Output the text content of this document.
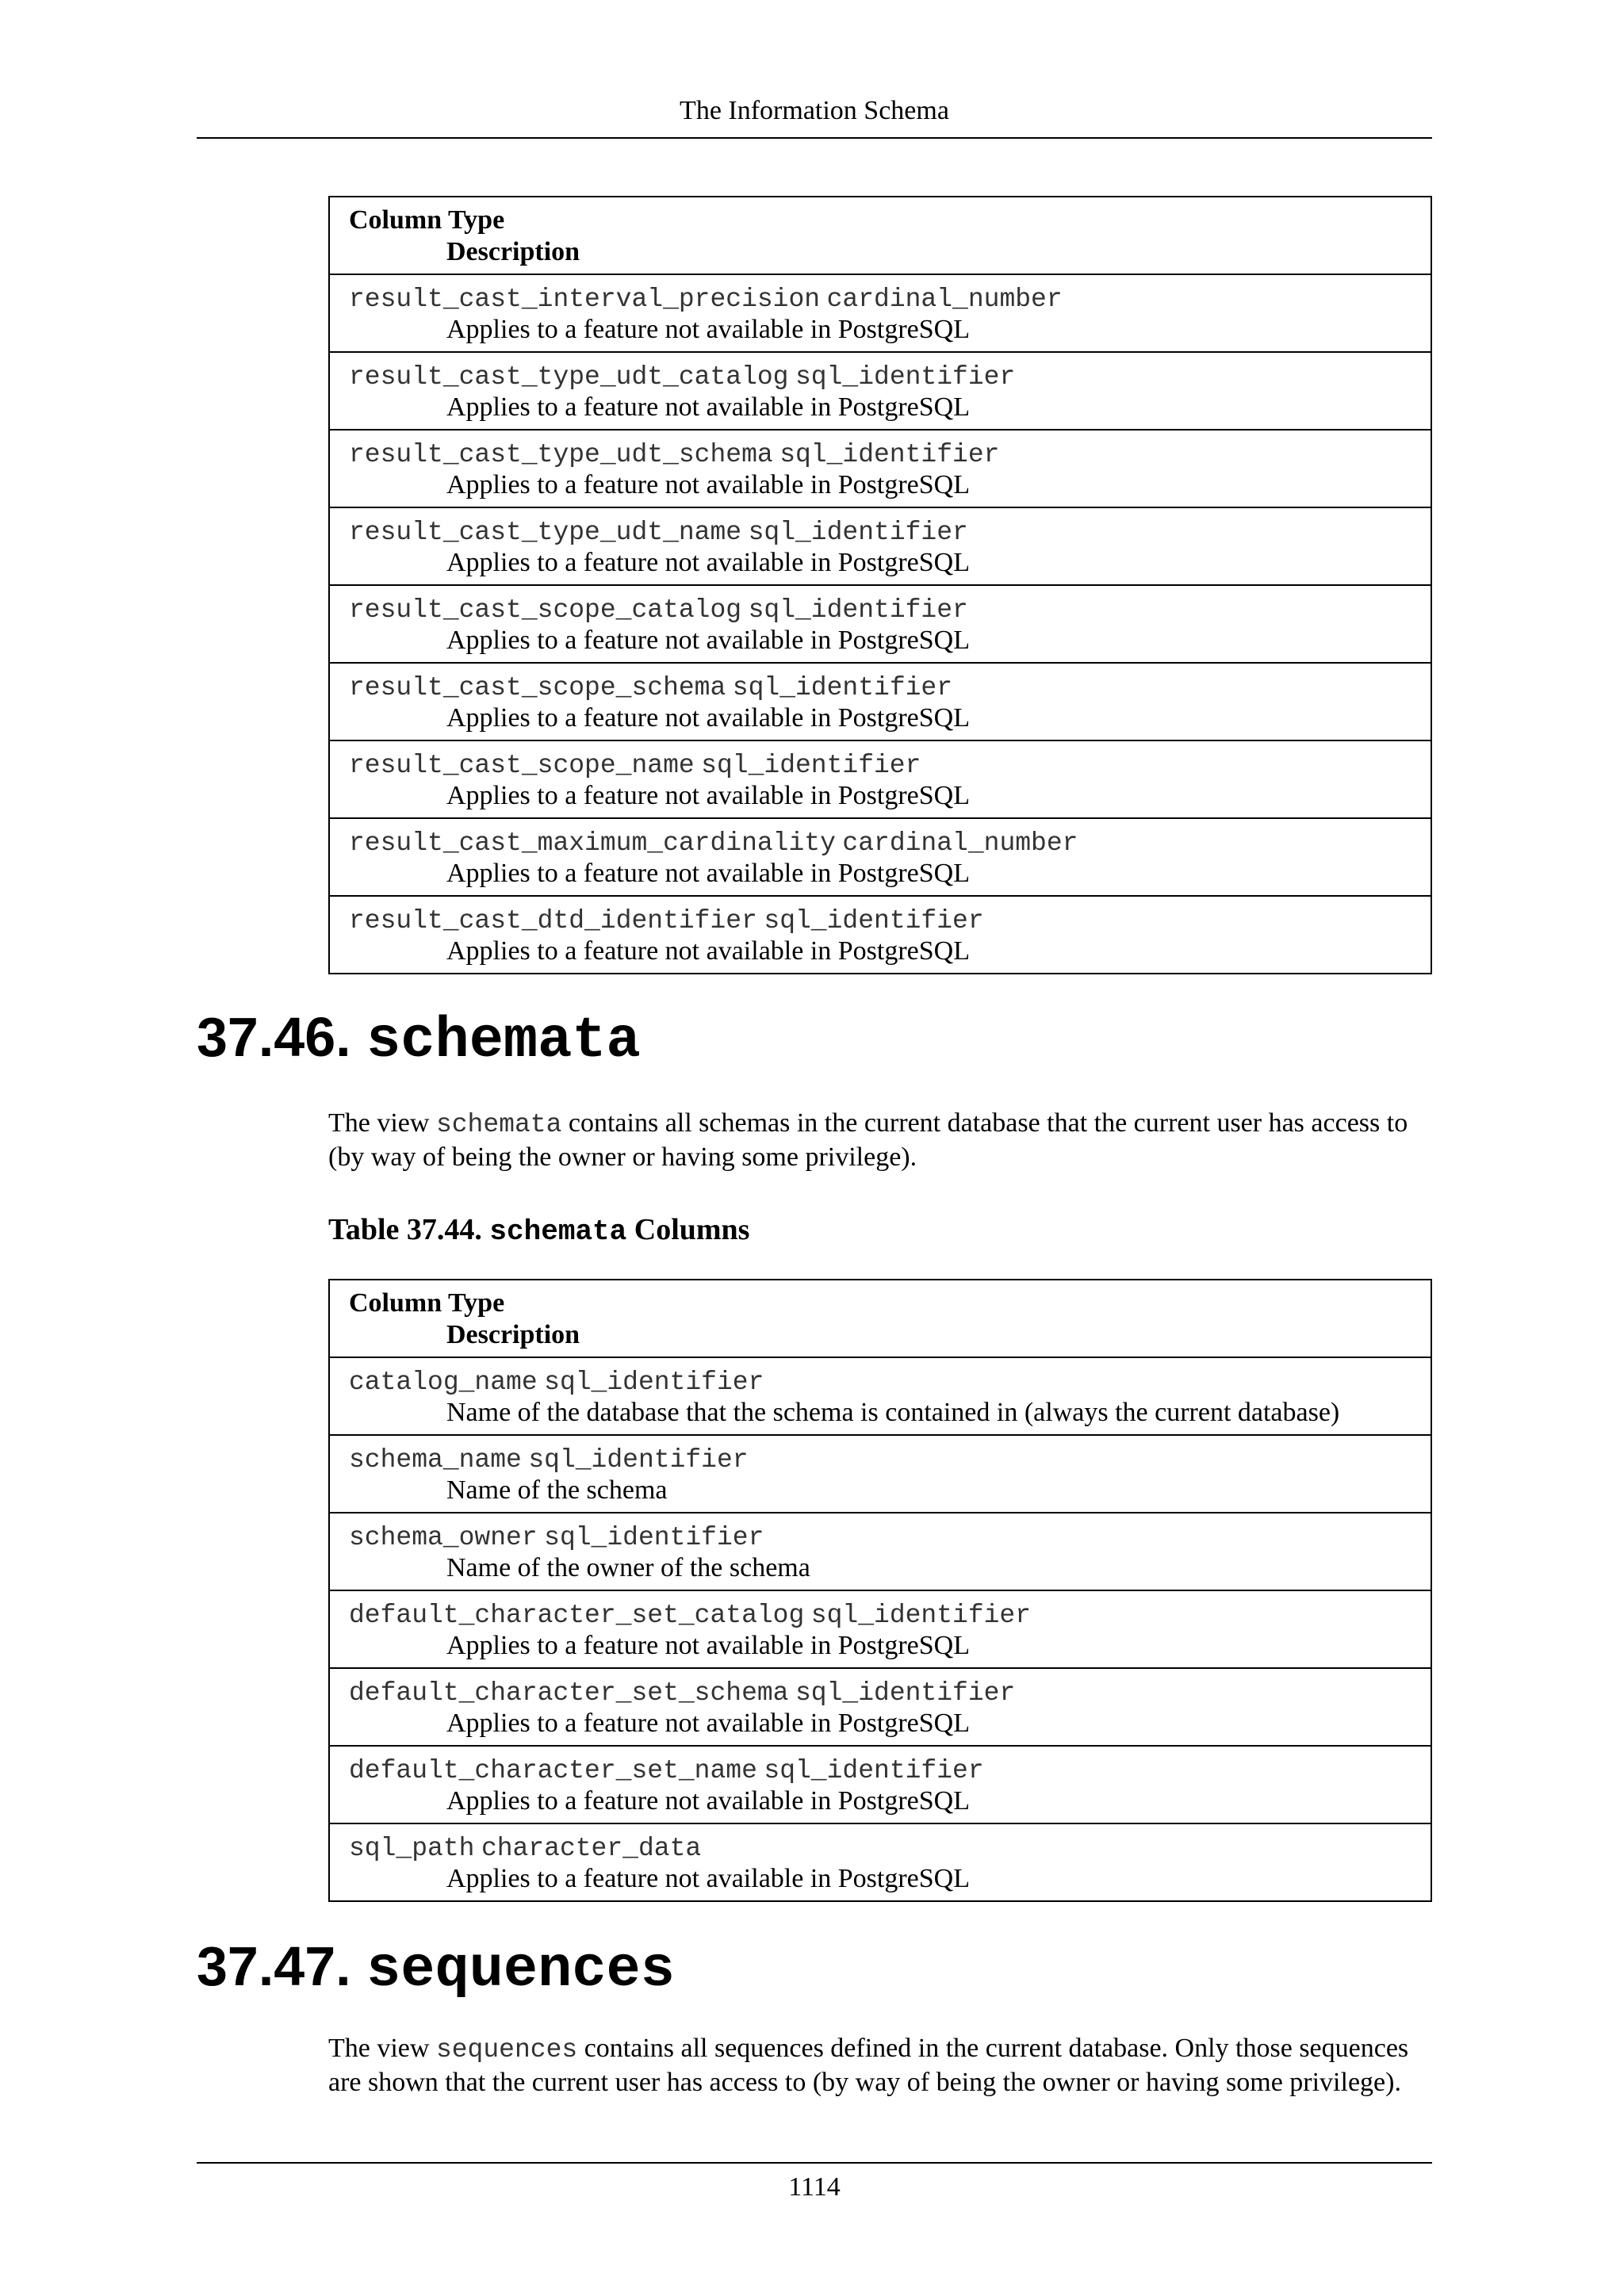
The Information Schema
Column Type
Description
result_cast_interval_precision cardinal_number
Applies to a feature not available in PostgreSQL
result_cast_type_udt_catalog sql_identifier
Applies to a feature not available in PostgreSQL
result_cast_type_udt_schema sql_identifier
Applies to a feature not available in PostgreSQL
result_cast_type_udt_name sql_identifier
Applies to a feature not available in PostgreSQL
result_cast_scope_catalog sql_identifier
Applies to a feature not available in PostgreSQL
result_cast_scope_schema sql_identifier
Applies to a feature not available in PostgreSQL
result_cast_scope_name sql_identifier
Applies to a feature not available in PostgreSQL
result_cast_maximum_cardinality cardinal_number
Applies to a feature not available in PostgreSQL
result_cast_dtd_identifier sql_identifier
Applies to a feature not available in PostgreSQL
37.46. schemata

The view schemata contains all schemas in the current database that the current user has access to (by way of being the owner or having some privilege).

Table 37.44. schemata Columns

Column Type
Description
catalog_name sql_identifier
Name of the database that the schema is contained in (always the current database)
schema_name sql_identifier
Name of the schema
schema_owner sql_identifier
Name of the owner of the schema
default_character_set_catalog sql_identifier
Applies to a feature not available in PostgreSQL
default_character_set_schema sql_identifier
Applies to a feature not available in PostgreSQL
default_character_set_name sql_identifier
Applies to a feature not available in PostgreSQL
sql_path character_data
Applies to a feature not available in PostgreSQL
37.47. sequences

The view sequences contains all sequences defined in the current database. Only those sequences are shown that the current user has access to (by way of being the owner or having some privilege).

1114
